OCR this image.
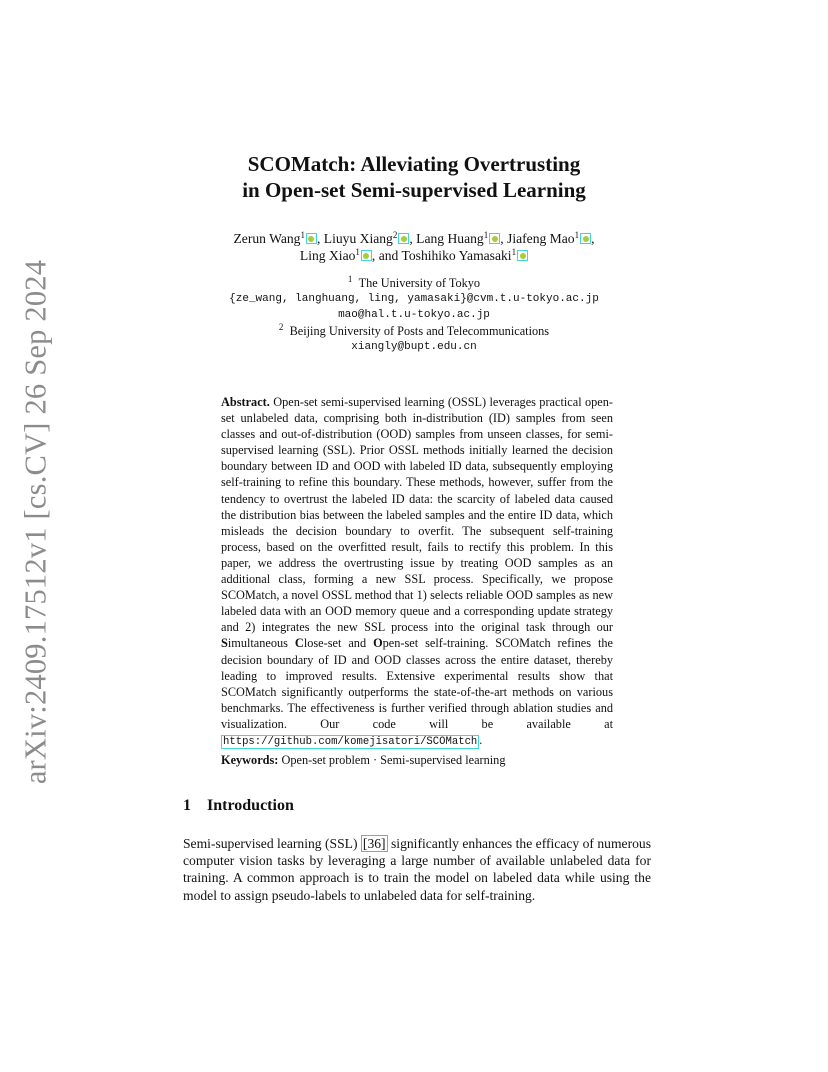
arXiv:2409.17512v1 [cs.CV] 26 Sep 2024
SCOMatch: Alleviating Overtrusting
in Open-set Semi-supervised Learning
Zerun Wang$^1$ , Liuyu Xiang$^2$ , Lang Huang$^1$ , Jiafeng Mao$^1$ ,
Ling Xiao$^1$ , and Toshihiko Yamasaki$^1$
$^1$ The University of Tokyo
{ze_wang, langhuang, ling, yamasaki}@cvm.t.u-tokyo.ac.jp
mao@hal.t.u-tokyo.ac.jp
$^2$ Beijing University of Posts and Telecommunications
xiangly@bupt.edu.cn
Abstract. Open-set semi-supervised learning (OSSL) leverages practical open-set unlabeled data, comprising both in-distribution (ID) samples from seen classes and out-of-distribution (OOD) samples from unseen classes, for semi-supervised learning (SSL). Prior OSSL methods initially learned the decision boundary between ID and OOD with labeled ID data, subsequently employing self-training to refine this boundary. These methods, however, suffer from the tendency to overtrust the labeled ID data: the scarcity of labeled data caused the distribution bias between the labeled samples and the entire ID data, which misleads the decision boundary to overfit. The subsequent self-training process, based on the overfitted result, fails to rectify this problem. In this paper, we address the overtrusting issue by treating OOD samples as an additional class, forming a new SSL process. Specifically, we propose SCOMatch, a novel OSSL method that 1) selects reliable OOD samples as new labeled data with an OOD memory queue and a corresponding update strategy and 2) integrates the new SSL process into the original task through our Simultaneous Close-set and Open-set self-training. SCOMatch refines the decision boundary of ID and OOD classes across the entire dataset, thereby leading to improved results. Extensive experimental results show that SCOMatch significantly outperforms the state-of-the-art methods on various benchmarks. The effectiveness is further verified through ablation studies and visualization. Our code will be available at https://github.com/komejisatori/SCOMatch .
Keywords: Open-set problem · Semi-supervised learning
1 Introduction
Semi-supervised learning (SSL) [36] significantly enhances the efficacy of numerous computer vision tasks by leveraging a large number of available unlabeled data for training. A common approach is to train the model on labeled data while using the model to assign pseudo-labels to unlabeled data for self-training.
